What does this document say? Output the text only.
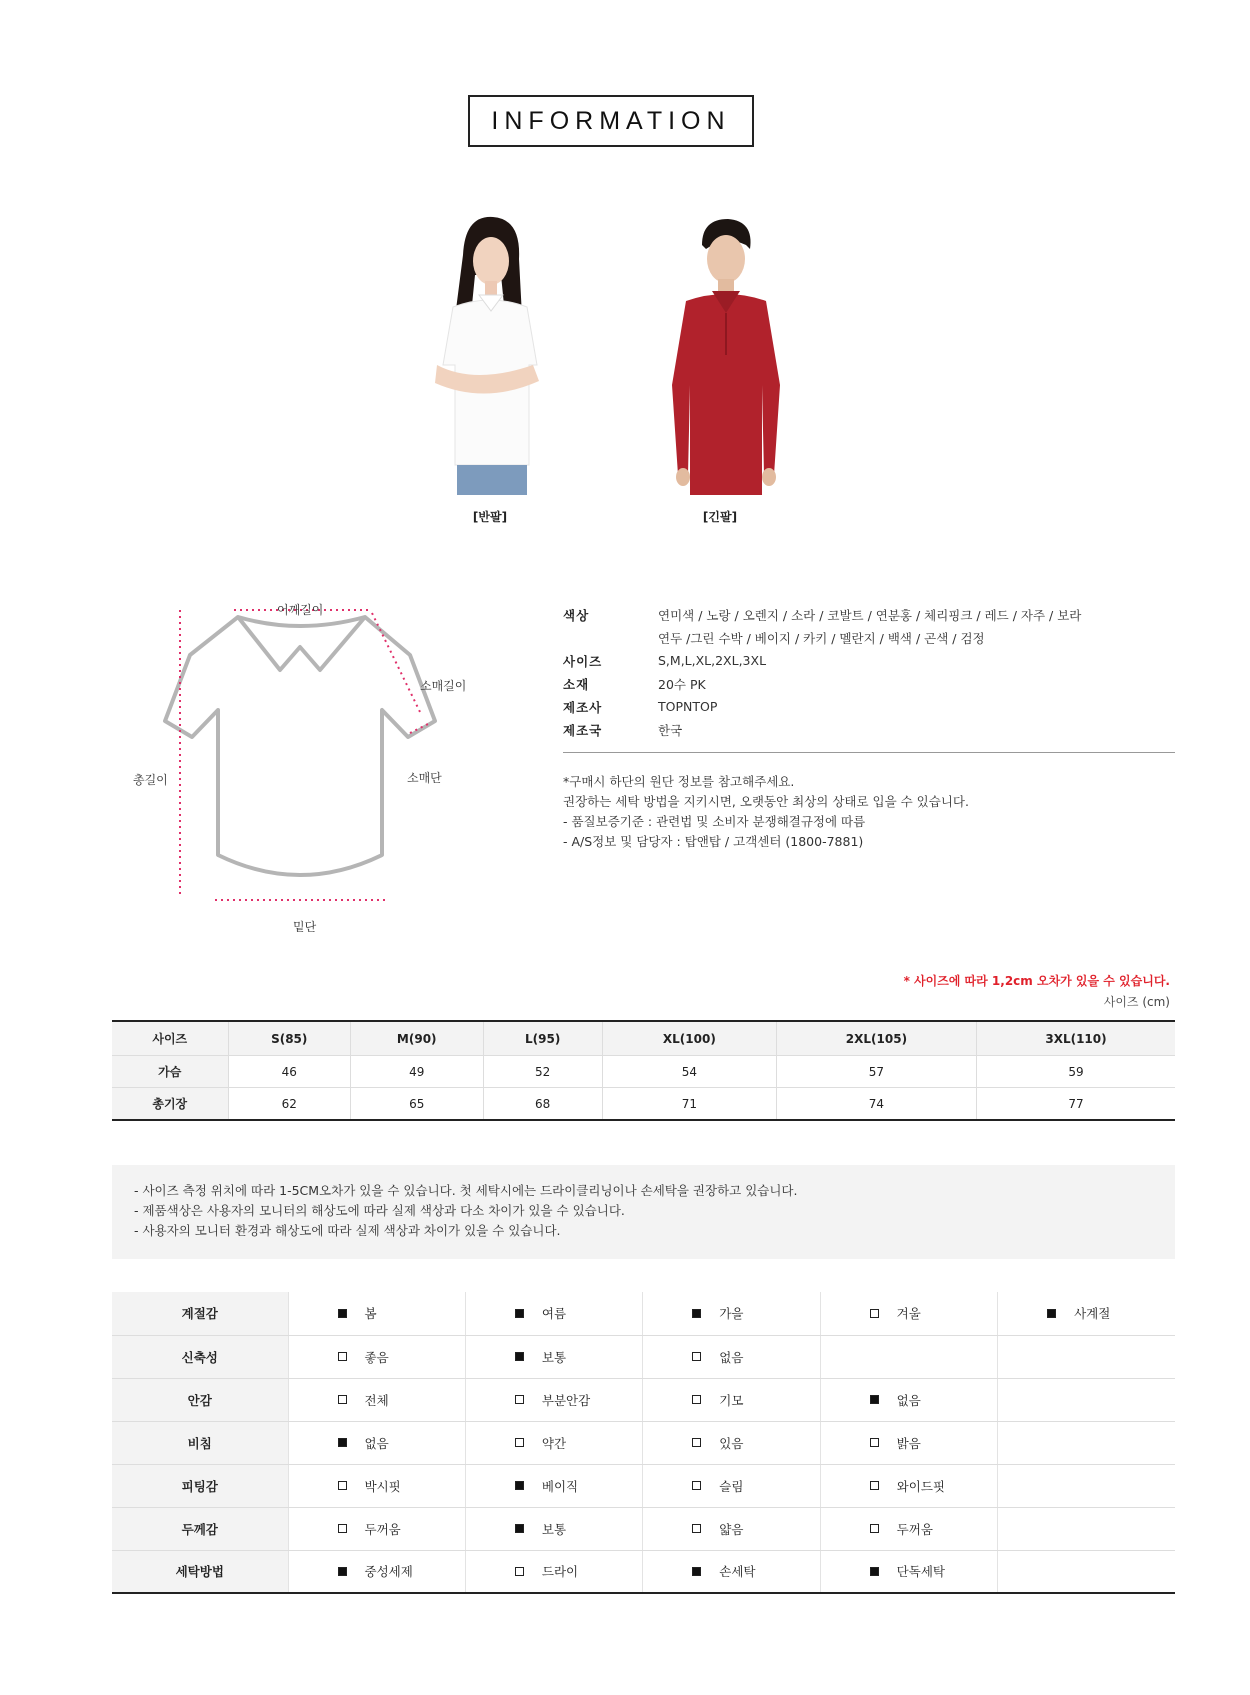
INFORMATION
[반팔]	[긴팔]
어깨길이
소매길이
총길이	소매단
밑단
색상	연미색 / 노랑 / 오렌지 / 소라 / 코발트 / 연분홍 / 체리핑크 / 레드 / 자주 / 보라
연두 /그린 수박 / 베이지 / 카키 / 멜란지 / 백색 / 곤색 / 검정
사이즈	S,M,L,XL,2XL,3XL
소재	20수 PK
제조사	TOPNTOP
제조국	한국
*구매시 하단의 원단 정보를 참고해주세요.
권장하는 세탁 방법을 지키시면, 오랫동안 최상의 상태로 입을 수 있습니다.
- 품질보증기준 : 관련법 및 소비자 분쟁해결규정에 따름
- A/S정보 및 담당자 : 탑앤탑 / 고객센터 (1800-7881)
* 사이즈에 따라 1,2cm 오차가 있을 수 있습니다.
사이즈 (cm)
사이즈	S(85)	M(90)	L(95)	XL(100)	2XL(105)	3XL(110)
가슴	46	49	52	54	57	59
총기장	62	65	68	71	74	77
- 사이즈 측정 위치에 따라 1-5CM오차가 있을 수 있습니다. 첫 세탁시에는 드라이클리닝이나 손세탁을 권장하고 있습니다.
- 제품색상은 사용자의 모니터의 해상도에 따라 실제 색상과 다소 차이가 있을 수 있습니다.
- 사용자의 모니터 환경과 해상도에 따라 실제 색상과 차이가 있을 수 있습니다.
계절감	봄	여름	가을	겨울	사계절

신축성	좋음	보통	없음		

안감	전체	부분안감	기모	없음	

비침	없음	약간	있음	밝음	

피팅감	박시핏	베이직	슬림	와이드핏	

두께감	두꺼움	보통	얇음	두꺼움	

세탁방법	중성세제	드라이	손세탁	단독세탁	
